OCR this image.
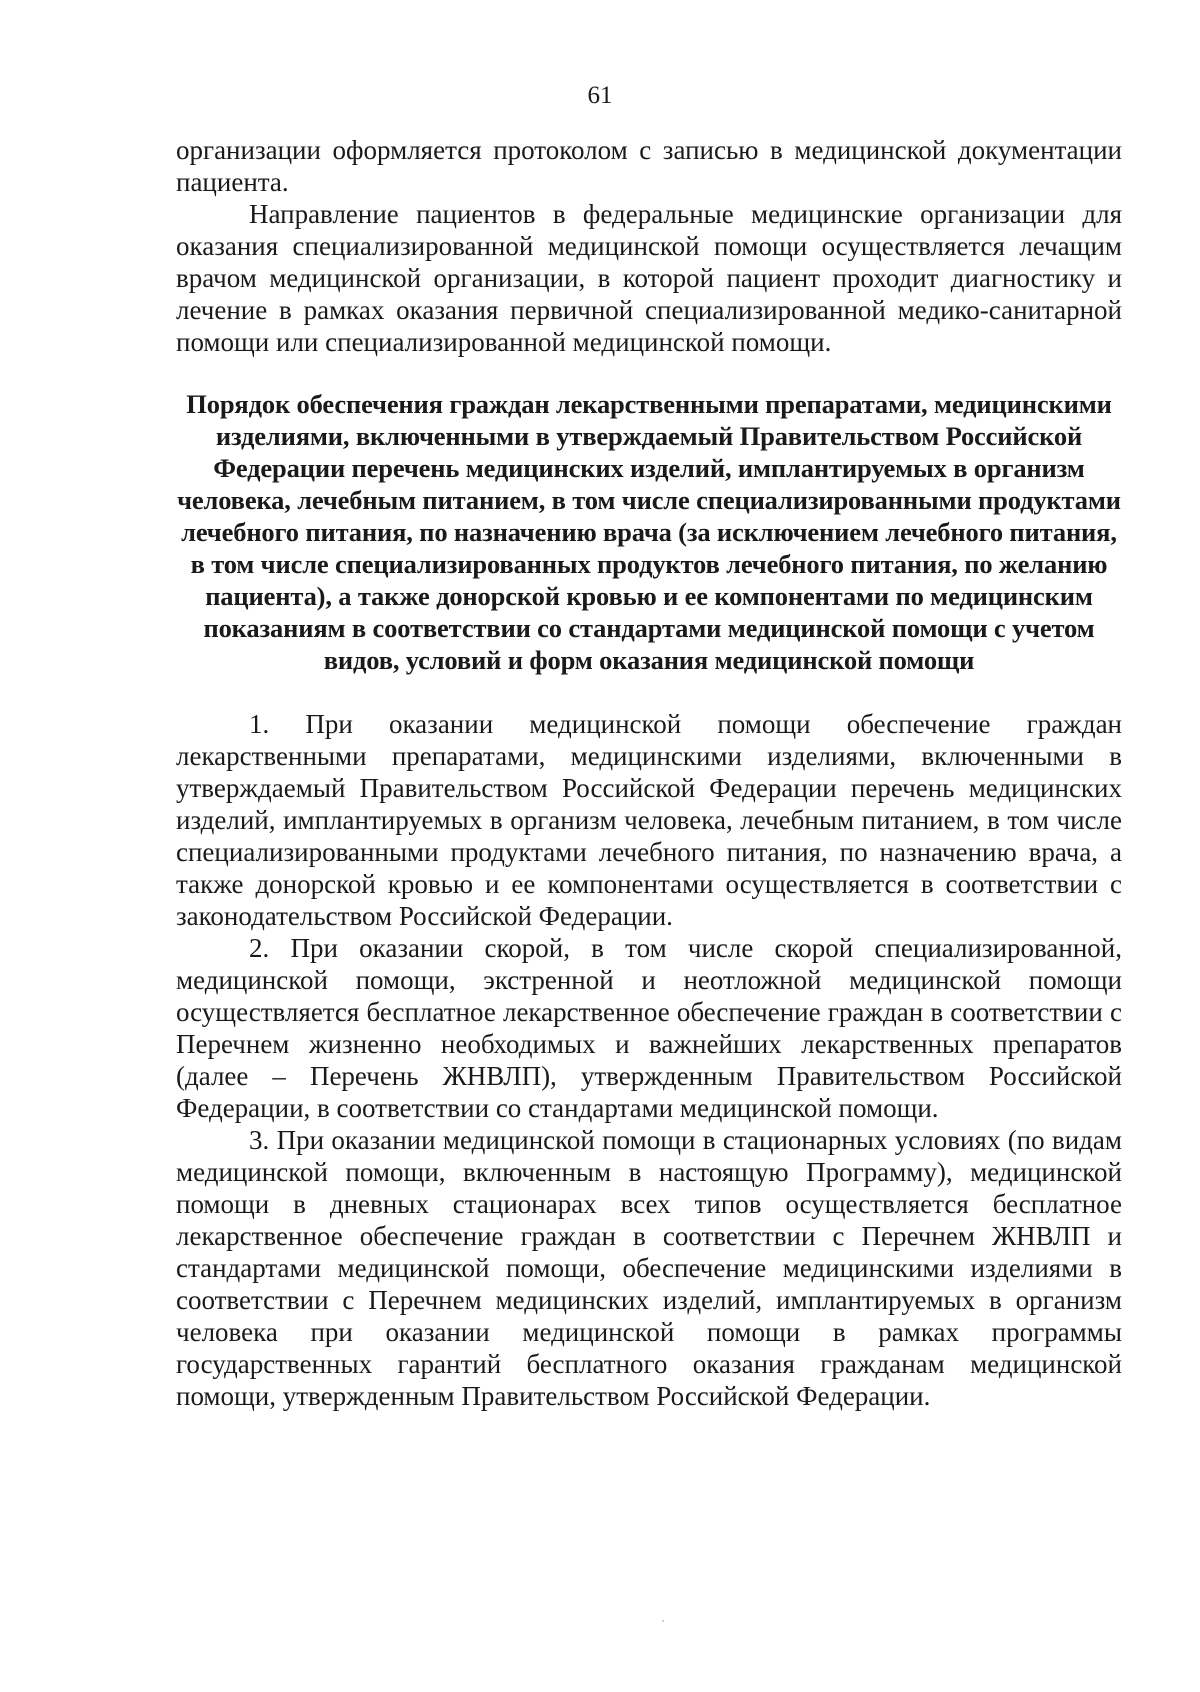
61

организации оформляется протоколом с записью в медицинской документации пациента.

Направление пациентов в федеральные медицинские организации для оказания специализированной медицинской помощи осуществляется лечащим врачом медицинской организации, в которой пациент проходит диагностику и лечение в рамках оказания первичной специализированной медико-санитарной помощи или специализированной медицинской помощи.

Порядок обеспечения граждан лекарственными препаратами, медицинскими изделиями, включенными в утверждаемый Правительством Российской Федерации перечень медицинских изделий, имплантируемых в организм человека, лечебным питанием, в том числе специализированными продуктами лечебного питания, по назначению врача (за исключением лечебного питания, в том числе специализированных продуктов лечебного питания, по желанию пациента), а также донорской кровью и ее компонентами по медицинским показаниям в соответствии со стандартами медицинской помощи с учетом видов, условий и форм оказания медицинской помощи

1. При оказании медицинской помощи обеспечение граждан лекарственными препаратами, медицинскими изделиями, включенными в утверждаемый Правительством Российской Федерации перечень медицинских изделий, имплантируемых в организм человека, лечебным питанием, в том числе специализированными продуктами лечебного питания, по назначению врача, а также донорской кровью и ее компонентами осуществляется в соответствии с законодательством Российской Федерации.

2. При оказании скорой, в том числе скорой специализированной, медицинской помощи, экстренной и неотложной медицинской помощи осуществляется бесплатное лекарственное обеспечение граждан в соответствии с Перечнем жизненно необходимых и важнейших лекарственных препаратов (далее – Перечень ЖНВЛП), утвержденным Правительством Российской Федерации, в соответствии со стандартами медицинской помощи.

3. При оказании медицинской помощи в стационарных условиях (по видам медицинской помощи, включенным в настоящую Программу), медицинской помощи в дневных стационарах всех типов осуществляется бесплатное лекарственное обеспечение граждан в соответствии с Перечнем ЖНВЛП и стандартами медицинской помощи, обеспечение медицинскими изделиями в соответствии с Перечнем медицинских изделий, имплантируемых в организм человека при оказании медицинской помощи в рамках программы государственных гарантий бесплатного оказания гражданам медицинской помощи, утвержденным Правительством Российской Федерации.
